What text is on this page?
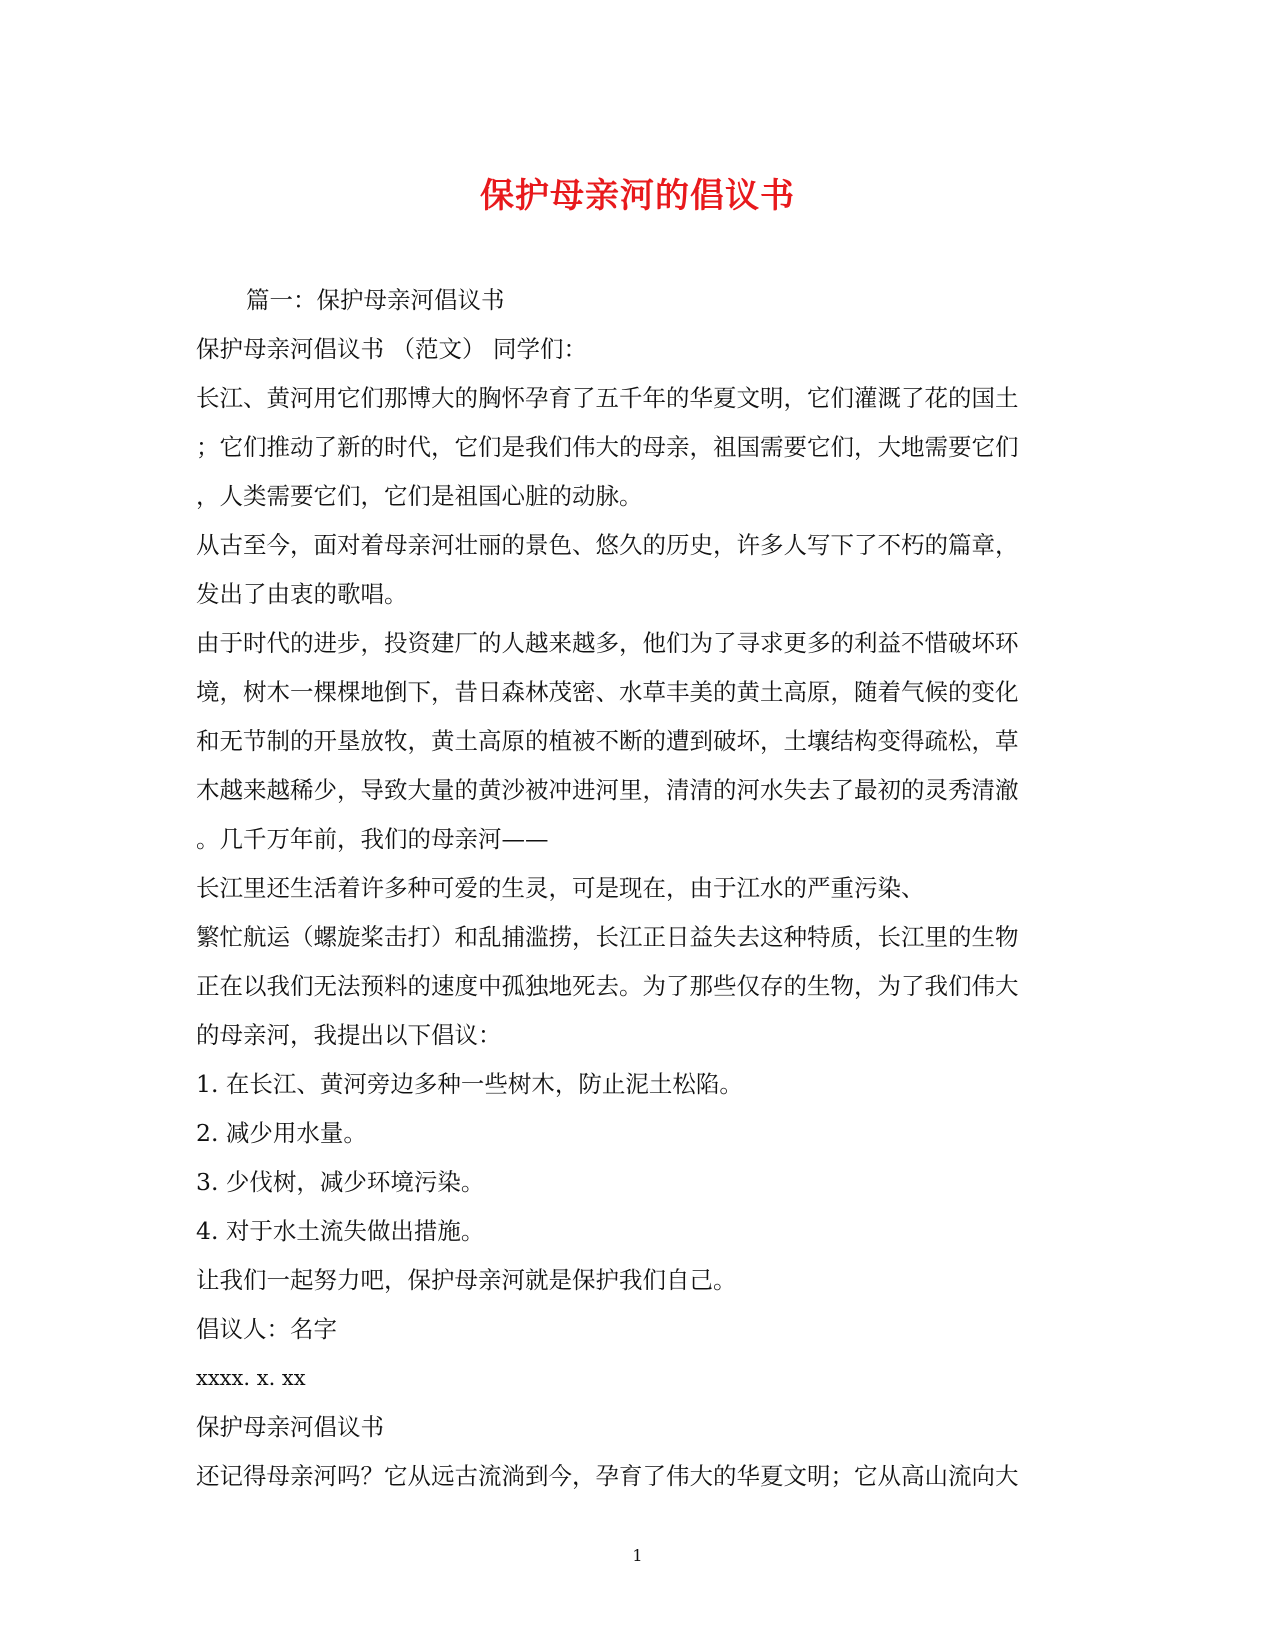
保护母亲河的倡议书
篇一：保护母亲河倡议书
保护母亲河倡议书 （范文） 同学们：
长江、黄河用它们那博大的胸怀孕育了五千年的华夏文明，它们灌溉了花的国土
；它们推动了新的时代，它们是我们伟大的母亲，祖国需要它们，大地需要它们
，人类需要它们，它们是祖国心脏的动脉。
从古至今，面对着母亲河壮丽的景色、悠久的历史，许多人写下了不朽的篇章，
发出了由衷的歌唱。
由于时代的进步，投资建厂的人越来越多，他们为了寻求更多的利益不惜破坏环
境，树木一棵棵地倒下，昔日森林茂密、水草丰美的黄土高原，随着气候的变化
和无节制的开垦放牧，黄土高原的植被不断的遭到破坏，土壤结构变得疏松，草
木越来越稀少，导致大量的黄沙被冲进河里，清清的河水失去了最初的灵秀清澈
。几千万年前，我们的母亲河——
长江里还生活着许多种可爱的生灵，可是现在，由于江水的严重污染、
繁忙航运（螺旋桨击打）和乱捕滥捞，长江正日益失去这种特质，长江里的生物
正在以我们无法预料的速度中孤独地死去。为了那些仅存的生物，为了我们伟大
的母亲河，我提出以下倡议：
1. 在长江、黄河旁边多种一些树木，防止泥土松陷。
2. 减少用水量。
3. 少伐树，减少环境污染。
4. 对于水土流失做出措施。
让我们一起努力吧，保护母亲河就是保护我们自己。
倡议人：名字
xxxx. x. xx
保护母亲河倡议书
还记得母亲河吗？它从远古流淌到今，孕育了伟大的华夏文明；它从高山流向大
1
